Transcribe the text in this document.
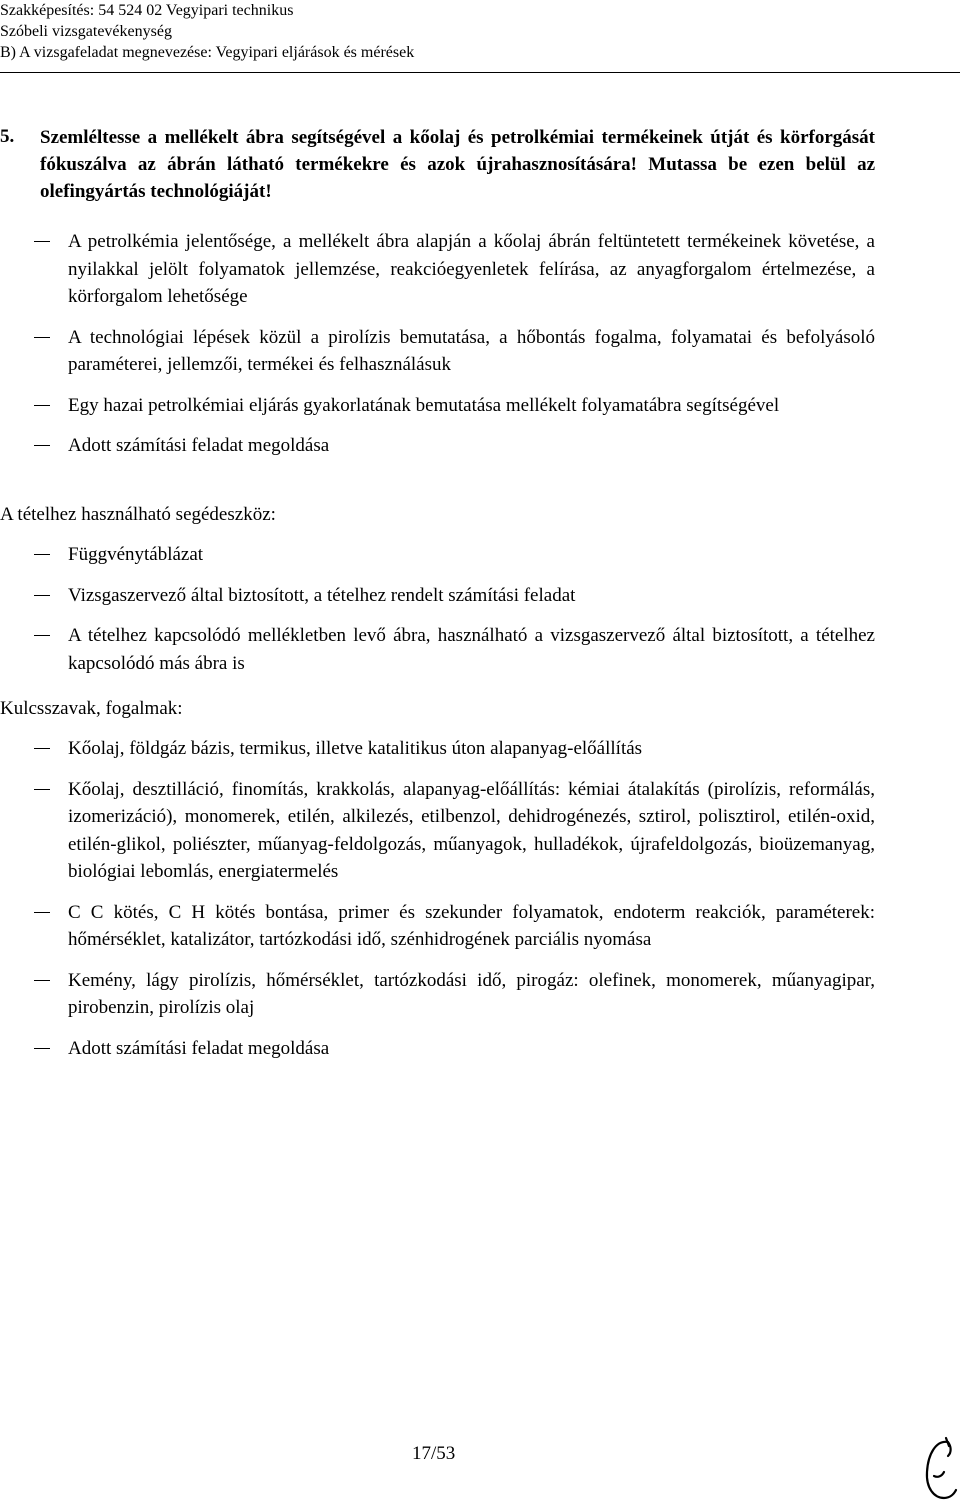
Szakképesítés: 54 524 02 Vegyipari technikus
Szóbeli vizsgatevékenység
B) A vizsgafeladat megnevezése: Vegyipari eljárások és mérések
5. Szemléltesse a mellékelt ábra segítségével a kőolaj és petrolkémiai termékeinek útját és körforgását fókuszálva az ábrán látható termékekre és azok újrahasznosítására! Mutassa be ezen belül az olefingyártás technológiáját!
A petrolkémia jelentősége, a mellékelt ábra alapján a kőolaj ábrán feltüntetett termékeinek követése, a nyilakkal jelölt folyamatok jellemzése, reakcióegyenletek felírása, az anyagforgalom értelmezése, a körforgalom lehetősége
A technológiai lépések közül a pirolízis bemutatása, a hőbontás fogalma, folyamatai és befolyásoló paraméterei, jellemzői, termékei és felhasználásuk
Egy hazai petrolkémiai eljárás gyakorlatának bemutatása mellékelt folyamatábra segítségével
Adott számítási feladat megoldása
A tételhez használható segédeszköz:
Függvénytáblázat
Vizsgaszervező által biztosított, a tételhez rendelt számítási feladat
A tételhez kapcsolódó mellékletben levő ábra, használható a vizsgaszervező által biztosított, a tételhez kapcsolódó más ábra is
Kulcsszavak, fogalmak:
Kőolaj, földgáz bázis, termikus, illetve katalitikus úton alapanyag-előállítás
Kőolaj, desztilláció, finomítás, krakkolás, alapanyag-előállítás: kémiai átalakítás (pirolízis, reformálás, izomerizáció), monomerek, etilén, alkilezés, etilbenzol, dehidrogénezés, sztirol, polisztirol, etilén-oxid, etilén-glikol, poliészter, műanyag-feldolgozás, műanyagok, hulladékok, újrafeldolgozás, bioüzemanyag, biológiai lebomlás, energiatermelés
C C kötés, C H kötés bontása, primer és szekunder folyamatok, endoterm reakciók, paraméterek: hőmérséklet, katalizátor, tartózkodási idő, szénhidrogének parciális nyomása
Kemény, lágy pirolízis, hőmérséklet, tartózkodási idő, pirogáz: olefinek, monomerek, műanyagipar, pirobenzin, pirolízis olaj
Adott számítási feladat megoldása
17/53
